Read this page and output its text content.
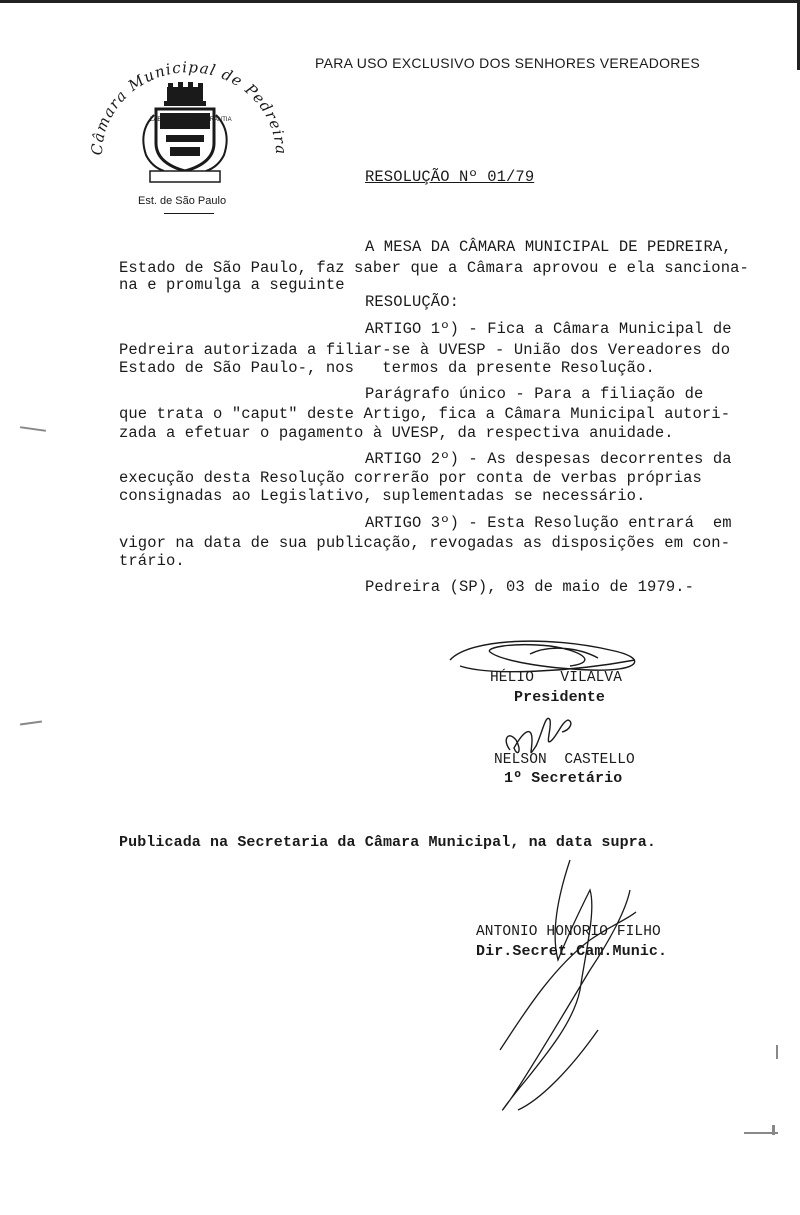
Câmara Municipal de Pedreira
LABOR ET PERSEVERANTIA
Est. de São Paulo
PARA USO EXCLUSIVO DOS SENHORES VEREADORES
RESOLUÇÃO Nº 01/79
A MESA DA CÂMARA MUNICIPAL DE PEDREIRA,
Estado de São Paulo, faz saber que a Câmara aprovou e ela sanciona-
na e promulga a seguinte
RESOLUÇÃO:
ARTIGO 1º) - Fica a Câmara Municipal de
Pedreira autorizada a filiar-se à UVESP - União dos Vereadores do
Estado de São Paulo-, nos   termos da presente Resolução.
Parágrafo único - Para a filiação de
que trata o "caput" deste Artigo, fica a Câmara Municipal autori-
zada a efetuar o pagamento à UVESP, da respectiva anuidade.
ARTIGO 2º) - As despesas decorrentes da
execução desta Resolução correrão por conta de verbas próprias
consignadas ao Legislativo, suplementadas se necessário.
ARTIGO 3º) - Esta Resolução entrará  em
vigor na data de sua publicação, revogadas as disposições em con-
trário.
Pedreira (SP), 03 de maio de 1979.-
HÉLIO   VILALVA
Presidente
NELSON  CASTELLO
1º Secretário
Publicada na Secretaria da Câmara Municipal, na data supra.
ANTONIO HONORIO FILHO
Dir.Secret.Cam.Munic.
